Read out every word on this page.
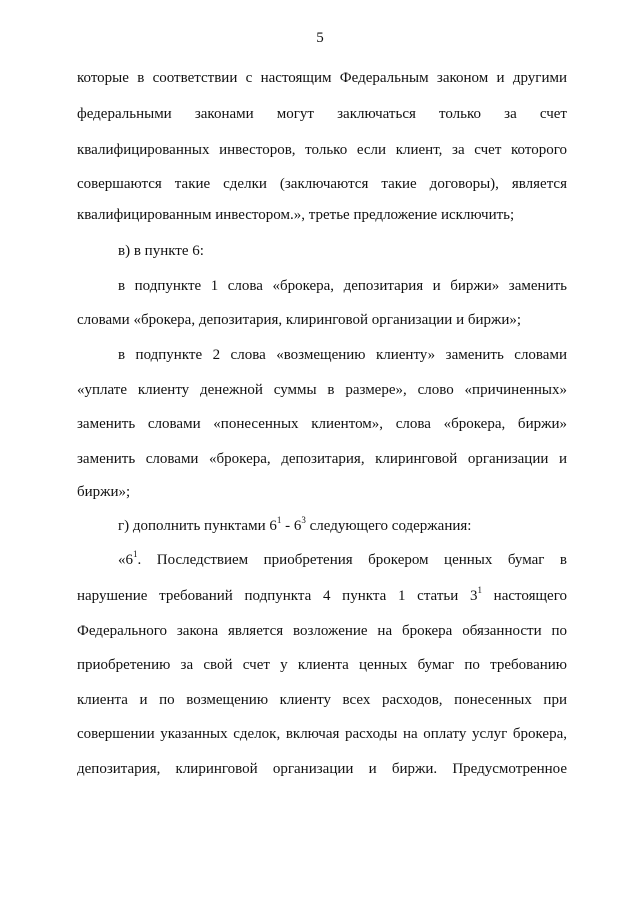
5
которые в соответствии с настоящим Федеральным законом и другими
федеральными законами могут заключаться только за счет
квалифицированных инвесторов, только если клиент, за счет которого
совершаются такие сделки (заключаются такие договоры), является
квалифицированным инвестором.», третье предложение исключить;
в) в пункте 6:
в подпункте 1 слова «брокера, депозитария и биржи» заменить
словами «брокера, депозитария, клиринговой организации и биржи»;
в подпункте 2 слова «возмещению клиенту» заменить словами
«уплате клиенту денежной суммы в размере», слово «причиненных»
заменить словами «понесенных клиентом», слова «брокера, биржи»
заменить словами «брокера, депозитария, клиринговой организации и
биржи»;
г) дополнить пунктами $6^1 - 6^3$ следующего содержания:
«$6^1$. Последствием приобретения брокером ценных бумаг в
нарушение требований подпункта 4 пункта 1 статьи $3^1$ настоящего
Федерального закона является возложение на брокера обязанности по
приобретению за свой счет у клиента ценных бумаг по требованию
клиента и по возмещению клиенту всех расходов, понесенных при
совершении указанных сделок, включая расходы на оплату услуг брокера,
депозитария, клиринговой организации и биржи. Предусмотренное
